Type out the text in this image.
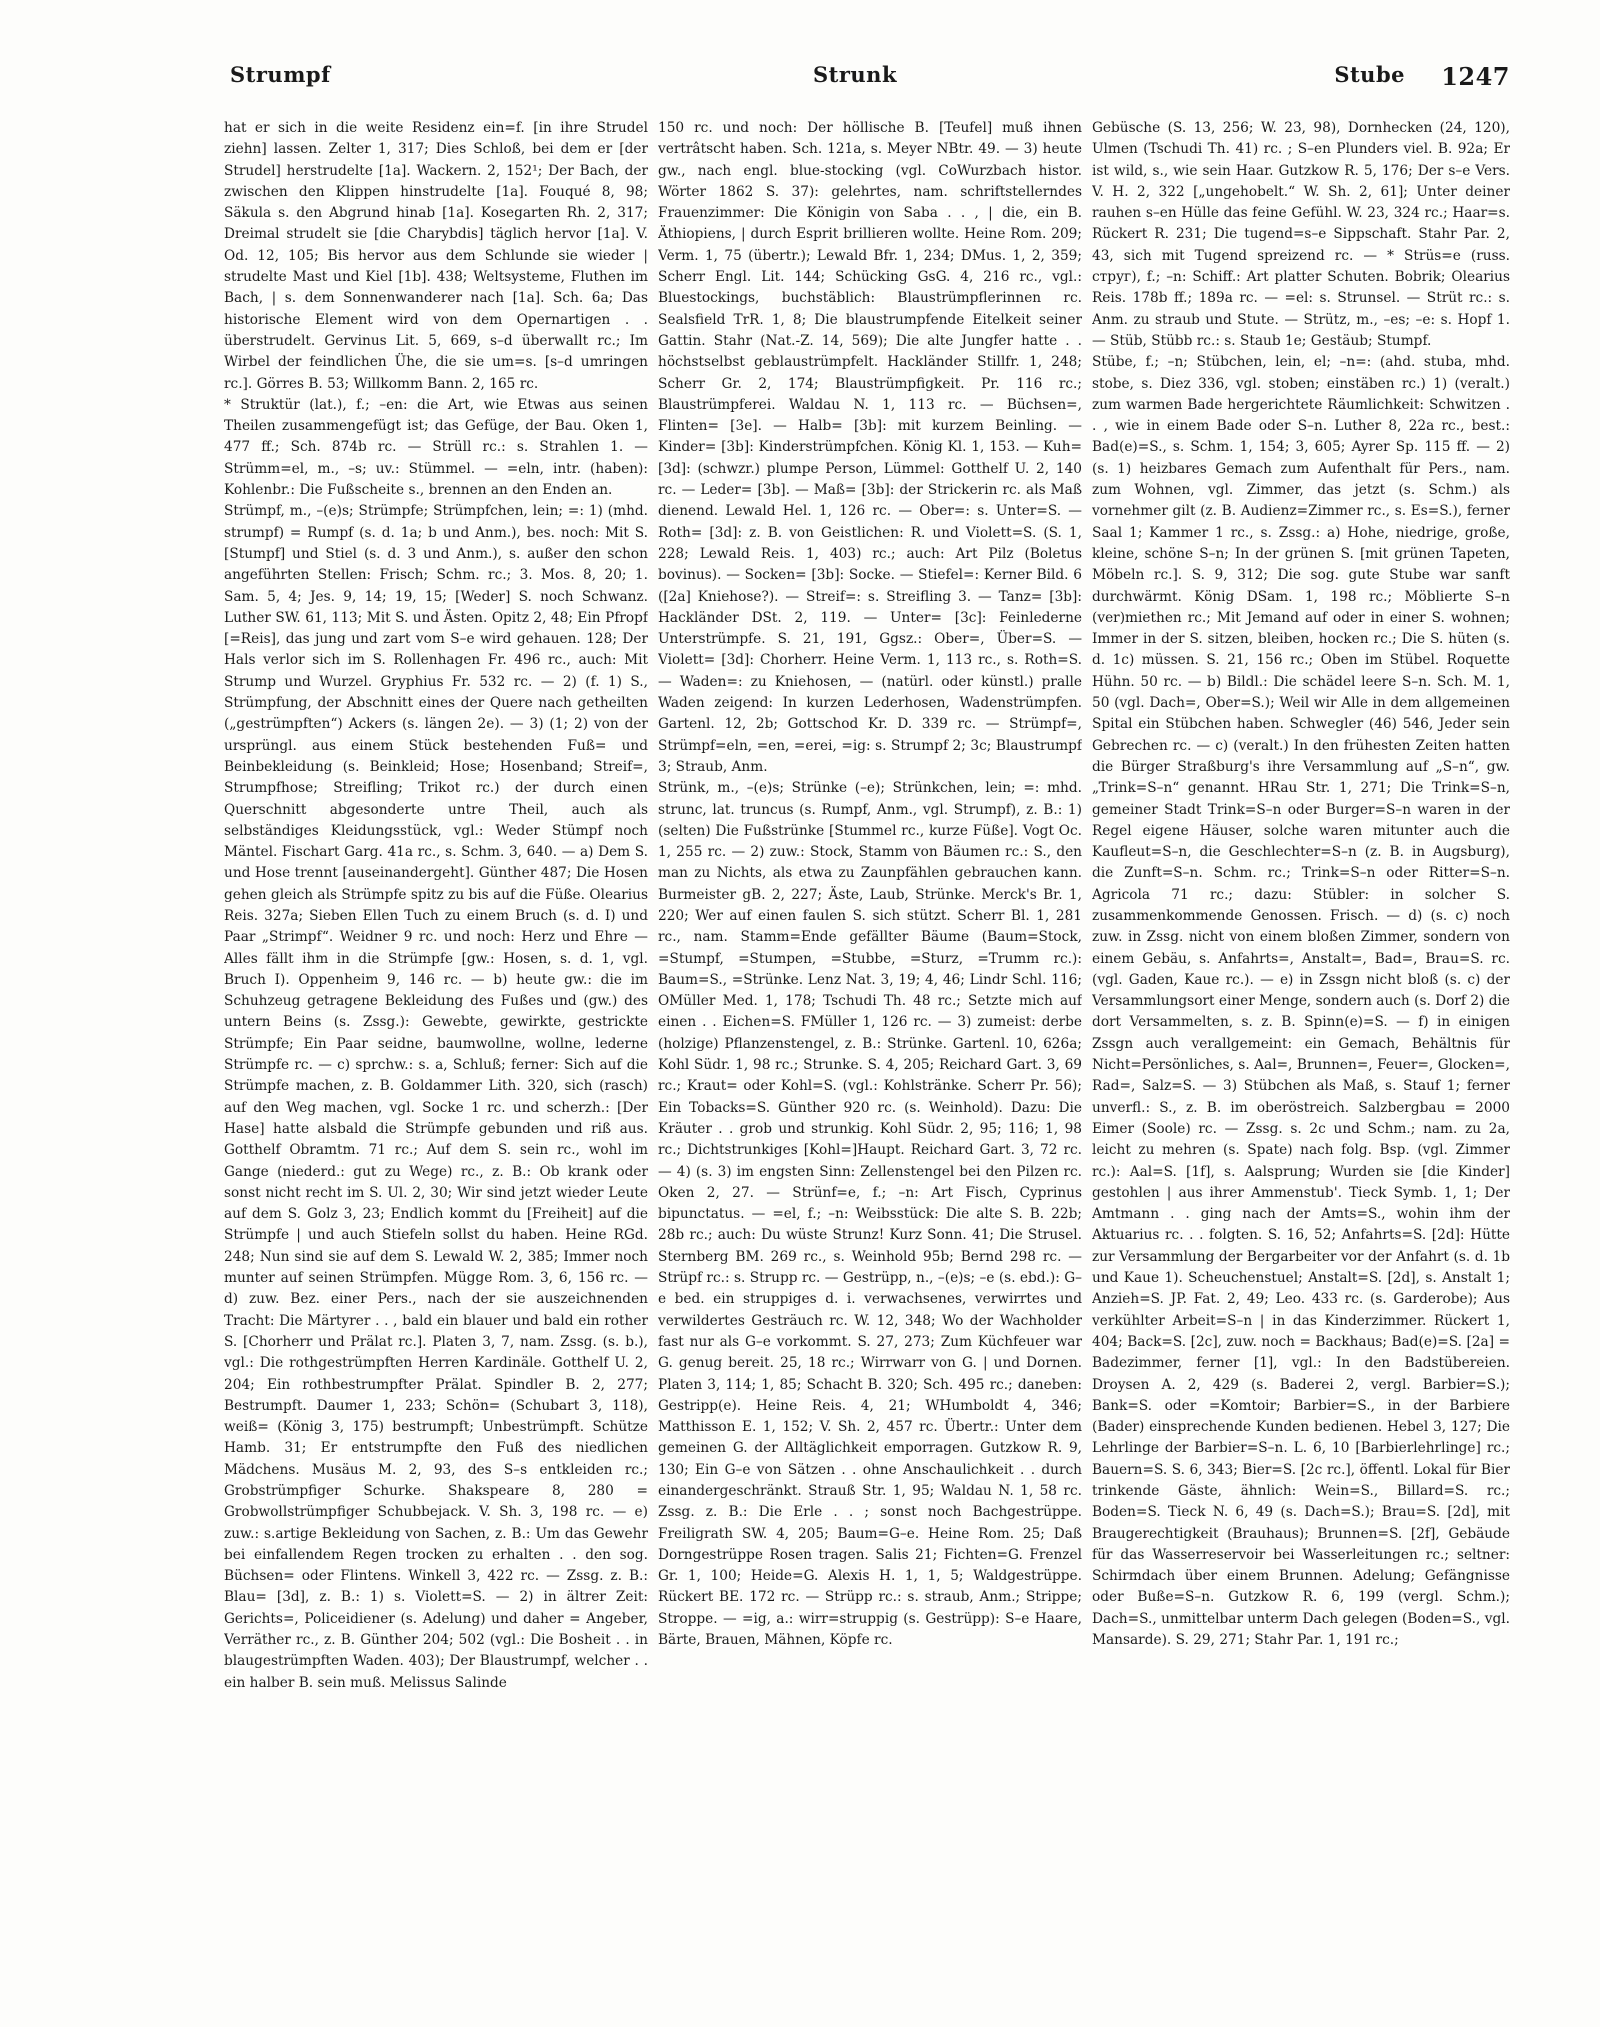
Strumpf	Strunk	Stube 1247

hat er sich in die weite Residenz ein=f. [in ihre Strudel ziehn] lassen. Zelter 1, 317; Dies Schloß, bei dem er [der Strudel] herstrudelte [1a]. Wackern. 2, 152¹; Der Bach, der zwischen den Klippen hinstrudelte [1a]. Fouqué 8, 98; Säkula s. den Abgrund hinab [1a]. Kosegarten Rh. 2, 317; Dreimal strudelt sie [die Charybdis] täglich hervor [1a]. V. Od. 12, 105; Bis hervor aus dem Schlunde sie wieder | strudelte Mast und Kiel [1b]. 438; Weltsysteme, Fluthen im Bach, | s. dem Sonnenwanderer nach [1a]. Sch. 6a; Das historische Element wird von dem Opernartigen . . überstrudelt. Gervinus Lit. 5, 669, s–d überwallt rc.; Im Wirbel der feindlichen Ühe, die sie um=s. [s–d umringen rc.]. Görres B. 53; Willkomm Bann. 2, 165 rc.

* Struktür (lat.), f.; –en: die Art, wie Etwas aus seinen Theilen zusammengefügt ist; das Gefüge, der Bau. Oken 1, 477 ff.; Sch. 874b rc. — Strüll rc.: s. Strahlen 1. — Strümm=el, m., –s; uv.: Stümmel. — =eln, intr. (haben): Kohlenbr.: Die Fußscheite s., brennen an den Enden an.

Strümpf, m., –(e)s; Strümpfe; Strümpfchen, lein; =: 1) (mhd. strumpf) = Rumpf (s. d. 1a; b und Anm.), bes. noch: Mit S. [Stumpf] und Stiel (s. d. 3 und Anm.), s. außer den schon angeführten Stellen: Frisch; Schm. rc.; 3. Mos. 8, 20; 1. Sam. 5, 4; Jes. 9, 14; 19, 15; [Weder] S. noch Schwanz. Luther SW. 61, 113; Mit S. und Ästen. Opitz 2, 48; Ein Pfropf [=Reis], das jung und zart vom S–e wird gehauen. 128; Der Hals verlor sich im S. Rollenhagen Fr. 496 rc., auch: Mit Strump und Wurzel. Gryphius Fr. 532 rc. — 2) (f. 1) S., Strümpfung, der Abschnitt eines der Quere nach getheilten („gestrümpften“) Ackers (s. längen 2e). — 3) (1; 2) von der ursprüngl. aus einem Stück bestehenden Fuß= und Beinbekleidung (s. Beinkleid; Hose; Hosenband; Streif=, Strumpfhose; Streifling; Trikot rc.) der durch einen Querschnitt abgesonderte untre Theil, auch als selbständiges Kleidungsstück, vgl.: Weder Stümpf noch Mäntel. Fischart Garg. 41a rc., s. Schm. 3, 640. — a) Dem S. und Hose trennt [auseinandergeht]. Günther 487; Die Hosen gehen gleich als Strümpfe spitz zu bis auf die Füße. Olearius Reis. 327a; Sieben Ellen Tuch zu einem Bruch (s. d. I) und Paar „Strimpf“. Weidner 9 rc. und noch: Herz und Ehre — Alles fällt ihm in die Strümpfe [gw.: Hosen, s. d. 1, vgl. Bruch I). Oppenheim 9, 146 rc. — b) heute gw.: die im Schuhzeug getragene Bekleidung des Fußes und (gw.) des untern Beins (s. Zssg.): Gewebte, gewirkte, gestrickte Strümpfe; Ein Paar seidne, baumwollne, wollne, lederne Strümpfe rc. — c) sprchw.: s. a, Schluß; ferner: Sich auf die Strümpfe machen, z. B. Goldammer Lith. 320, sich (rasch) auf den Weg machen, vgl. Socke 1 rc. und scherzh.: [Der Hase] hatte alsbald die Strümpfe gebunden und riß aus. Gotthelf Obramtm. 71 rc.; Auf dem S. sein rc., wohl im Gange (niederd.: gut zu Wege) rc., z. B.: Ob krank oder sonst nicht recht im S. Ul. 2, 30; Wir sind jetzt wieder Leute auf dem S. Golz 3, 23; Endlich kommt du [Freiheit] auf die Strümpfe | und auch Stiefeln sollst du haben. Heine RGd. 248; Nun sind sie auf dem S. Lewald W. 2, 385; Immer noch munter auf seinen Strümpfen. Mügge Rom. 3, 6, 156 rc. — d) zuw. Bez. einer Pers., nach der sie auszeichnenden Tracht: Die Märtyrer . . , bald ein blauer und bald ein rother S. [Chorherr und Prälat rc.]. Platen 3, 7, nam. Zssg. (s. b.), vgl.: Die rothgestrümpften Herren Kardinäle. Gotthelf U. 2, 204; Ein rothbestrumpfter Prälat. Spindler B. 2, 277; Bestrumpft. Daumer 1, 233; Schön= (Schubart 3, 118), weiß= (König 3, 175) bestrumpft; Unbestrümpft. Schütze Hamb. 31; Er entstrumpfte den Fuß des niedlichen Mädchens. Musäus M. 2, 93, des S–s entkleiden rc.; Grobstrümpfiger Schurke. Shakspeare 8, 280 = Grobwollstrümpfiger Schubbejack. V. Sh. 3, 198 rc. — e) zuw.: s.artige Bekleidung von Sachen, z. B.: Um das Gewehr bei einfallendem Regen trocken zu erhalten . . den sog. Büchsen= oder Flintens. Winkell 3, 422 rc. — Zssg. z. B.: Blau= [3d], z. B.: 1) s. Violett=S. — 2) in ältrer Zeit: Gerichts=, Policeidiener (s. Adelung) und daher = Angeber, Verräther rc., z. B. Günther 204; 502 (vgl.: Die Bosheit . . in blaugestrümpften Waden. 403); Der Blaustrumpf, welcher . . ein halber B. sein muß. Melissus Salinde

150 rc. und noch: Der höllische B. [Teufel] muß ihnen vertrâtscht haben. Sch. 121a, s. Meyer NBtr. 49. — 3) heute gw., nach engl. blue-stocking (vgl. CoWurzbach histor. Wörter 1862 S. 37): gelehrtes, nam. schriftstellerndes Frauenzimmer: Die Königin von Saba . . , | die, ein B. Äthiopiens, | durch Esprit brillieren wollte. Heine Rom. 209; Verm. 1, 75 (übertr.); Lewald Bfr. 1, 234; DMus. 1, 2, 359; Scherr Engl. Lit. 144; Schücking GsG. 4, 216 rc., vgl.: Bluestockings, buchstäblich: Blaustrümpflerinnen rc. Sealsfield TrR. 1, 8; Die blaustrumpfende Eitelkeit seiner Gattin. Stahr (Nat.-Z. 14, 569); Die alte Jungfer hatte . . höchstselbst geblaustrümpfelt. Hackländer Stillfr. 1, 248; Scherr Gr. 2, 174; Blaustrümpfigkeit. Pr. 116 rc.; Blaustrümpferei. Waldau N. 1, 113 rc. — Büchsen=, Flinten= [3e]. — Halb= [3b]: mit kurzem Beinling. — Kinder= [3b]: Kinderstrümpfchen. König Kl. 1, 153. — Kuh= [3d]: (schwzr.) plumpe Person, Lümmel: Gotthelf U. 2, 140 rc. — Leder= [3b]. — Maß= [3b]: der Strickerin rc. als Maß dienend. Lewald Hel. 1, 126 rc. — Ober=: s. Unter=S. — Roth= [3d]: z. B. von Geistlichen: R. und Violett=S. (S. 1, 228; Lewald Reis. 1, 403) rc.; auch: Art Pilz (Boletus bovinus). — Socken= [3b]: Socke. — Stiefel=: Kerner Bild. 6 ([2a] Kniehose?). — Streif=: s. Streifling 3. — Tanz= [3b]: Hackländer DSt. 2, 119. — Unter= [3c]: Feinlederne Unterstrümpfe. S. 21, 191, Ggsz.: Ober=, Über=S. — Violett= [3d]: Chorherr. Heine Verm. 1, 113 rc., s. Roth=S. — Waden=: zu Kniehosen, — (natürl. oder künstl.) pralle Waden zeigend: In kurzen Lederhosen, Wadenstrümpfen. Gartenl. 12, 2b; Gottschod Kr. D. 339 rc. — Strümpf=, Strümpf=eln, =en, =erei, =ig: s. Strumpf 2; 3c; Blaustrumpf 3; Straub, Anm.

Strünk, m., –(e)s; Strünke (–e); Strünkchen, lein; =: mhd. strunc, lat. truncus (s. Rumpf, Anm., vgl. Strumpf), z. B.: 1) (selten) Die Fußstrünke [Stummel rc., kurze Füße]. Vogt Oc. 1, 255 rc. — 2) zuw.: Stock, Stamm von Bäumen rc.: S., den man zu Nichts, als etwa zu Zaunpfählen gebrauchen kann. Burmeister gB. 2, 227; Äste, Laub, Strünke. Merck's Br. 1, 220; Wer auf einen faulen S. sich stützt. Scherr Bl. 1, 281 rc., nam. Stamm=Ende gefällter Bäume (Baum=Stock, =Stumpf, =Stumpen, =Stubbe, =Sturz, =Trumm rc.): Baum=S., =Strünke. Lenz Nat. 3, 19; 4, 46; Lindr Schl. 116; OMüller Med. 1, 178; Tschudi Th. 48 rc.; Setzte mich auf einen . . Eichen=S. FMüller 1, 126 rc. — 3) zumeist: derbe (holzige) Pflanzenstengel, z. B.: Strünke. Gartenl. 10, 626a; Kohl Südr. 1, 98 rc.; Strunke. S. 4, 205; Reichard Gart. 3, 69 rc.; Kraut= oder Kohl=S. (vgl.: Kohlstränke. Scherr Pr. 56); Ein Tobacks=S. Günther 920 rc. (s. Weinhold). Dazu: Die Kräuter . . grob und strunkig. Kohl Südr. 2, 95; 116; 1, 98 rc.; Dichtstrunkiges [Kohl=]Haupt. Reichard Gart. 3, 72 rc. — 4) (s. 3) im engsten Sinn: Zellenstengel bei den Pilzen rc. Oken 2, 27. — Strünf=e, f.; –n: Art Fisch, Cyprinus bipunctatus. — =el, f.; –n: Weibsstück: Die alte S. B. 22b; 28b rc.; auch: Du wüste Strunz! Kurz Sonn. 41; Die Strusel. Sternberg BM. 269 rc., s. Weinhold 95b; Bernd 298 rc. — Strüpf rc.: s. Strupp rc. — Gestrüpp, n., –(e)s; –e (s. ebd.): G–e bed. ein struppiges d. i. verwachsenes, verwirrtes und verwildertes Gesträuch rc. W. 12, 348; Wo der Wachholder fast nur als G–e vorkommt. S. 27, 273; Zum Küchfeuer war G. genug bereit. 25, 18 rc.; Wirrwarr von G. | und Dornen. Platen 3, 114; 1, 85; Schacht B. 320; Sch. 495 rc.; daneben: Gestripp(e). Heine Reis. 4, 21; WHumboldt 4, 346; Matthisson E. 1, 152; V. Sh. 2, 457 rc. Übertr.: Unter dem gemeinen G. der Alltäglichkeit emporragen. Gutzkow R. 9, 130; Ein G–e von Sätzen . . ohne Anschaulichkeit . . durch einandergeschränkt. Strauß Str. 1, 95; Waldau N. 1, 58 rc. Zssg. z. B.: Die Erle . . ; sonst noch Bachgestrüppe. Freiligrath SW. 4, 205; Baum=G–e. Heine Rom. 25; Daß Dorngestrüppe Rosen tragen. Salis 21; Fichten=G. Frenzel Gr. 1, 100; Heide=G. Alexis H. 1, 1, 5; Waldgestrüppe. Rückert BE. 172 rc. — Strüpp rc.: s. straub, Anm.; Strippe; Stroppe. — =ig, a.: wirr=struppig (s. Gestrüpp): S–e Haare, Bärte, Brauen, Mähnen, Köpfe rc.

Gebüsche (S. 13, 256; W. 23, 98), Dornhecken (24, 120), Ulmen (Tschudi Th. 41) rc. ; S–en Plunders viel. B. 92a; Er ist wild, s., wie sein Haar. Gutzkow R. 5, 176; Der s–e Vers. V. H. 2, 322 [„ungehobelt.“ W. Sh. 2, 61]; Unter deiner rauhen s–en Hülle das feine Gefühl. W. 23, 324 rc.; Haar=s. Rückert R. 231; Die tugend=s–e Sippschaft. Stahr Par. 2, 43, sich mit Tugend spreizend rc. — * Strüs=e (russ. струг), f.; –n: Schiff.: Art platter Schuten. Bobrik; Olearius Reis. 178b ff.; 189a rc. — =el: s. Strunsel. — Strüt rc.: s. Anm. zu straub und Stute. — Strütz, m., –es; –e: s. Hopf 1. — Stüb, Stübb rc.: s. Staub 1e; Gestäub; Stumpf.

Stübe, f.; –n; Stübchen, lein, el; –n=: (ahd. stuba, mhd. stobe, s. Diez 336, vgl. stoben; einstäben rc.) 1) (veralt.) zum warmen Bade hergerichtete Räumlichkeit: Schwitzen . . , wie in einem Bade oder S–n. Luther 8, 22a rc., best.: Bad(e)=S., s. Schm. 1, 154; 3, 605; Ayrer Sp. 115 ff. — 2) (s. 1) heizbares Gemach zum Aufenthalt für Pers., nam. zum Wohnen, vgl. Zimmer, das jetzt (s. Schm.) als vornehmer gilt (z. B. Audienz=Zimmer rc., s. Es=S.), ferner Saal 1; Kammer 1 rc., s. Zssg.: a) Hohe, niedrige, große, kleine, schöne S–n; In der grünen S. [mit grünen Tapeten, Möbeln rc.]. S. 9, 312; Die sog. gute Stube war sanft durchwärmt. König DSam. 1, 198 rc.; Möblierte S–n (ver)miethen rc.; Mit Jemand auf oder in einer S. wohnen; Immer in der S. sitzen, bleiben, hocken rc.; Die S. hüten (s. d. 1c) müssen. S. 21, 156 rc.; Oben im Stübel. Roquette Hühn. 50 rc. — b) Bildl.: Die schädel leere S–n. Sch. M. 1, 50 (vgl. Dach=, Ober=S.); Weil wir Alle in dem allgemeinen Spital ein Stübchen haben. Schwegler (46) 546, Jeder sein Gebrechen rc. — c) (veralt.) In den frühesten Zeiten hatten die Bürger Straßburg's ihre Versammlung auf „S–n“, gw. „Trink=S–n“ genannt. HRau Str. 1, 271; Die Trink=S–n, gemeiner Stadt Trink=S–n oder Burger=S–n waren in der Regel eigene Häuser, solche waren mitunter auch die Kaufleut=S–n, die Geschlechter=S–n (z. B. in Augsburg), die Zunft=S–n. Schm. rc.; Trink=S–n oder Ritter=S–n. Agricola 71 rc.; dazu: Stübler: in solcher S. zusammenkommende Genossen. Frisch. — d) (s. c) noch zuw. in Zssg. nicht von einem bloßen Zimmer, sondern von einem Gebäu, s. Anfahrts=, Anstalt=, Bad=, Brau=S. rc. (vgl. Gaden, Kaue rc.). — e) in Zssgn nicht bloß (s. c) der Versammlungsort einer Menge, sondern auch (s. Dorf 2) die dort Versammelten, s. z. B. Spinn(e)=S. — f) in einigen Zssgn auch verallgemeint: ein Gemach, Behältnis für Nicht=Persönliches, s. Aal=, Brunnen=, Feuer=, Glocken=, Rad=, Salz=S. — 3) Stübchen als Maß, s. Stauf 1; ferner unverfl.: S., z. B. im oberöstreich. Salzbergbau = 2000 Eimer (Soole) rc. — Zssg. s. 2c und Schm.; nam. zu 2a, leicht zu mehren (s. Spate) nach folg. Bsp. (vgl. Zimmer rc.): Aal=S. [1f], s. Aalsprung; Wurden sie [die Kinder] gestohlen | aus ihrer Ammenstub'. Tieck Symb. 1, 1; Der Amtmann . . ging nach der Amts=S., wohin ihm der Aktuarius rc. . . folgten. S. 16, 52; Anfahrts=S. [2d]: Hütte zur Versammlung der Bergarbeiter vor der Anfahrt (s. d. 1b und Kaue 1). Scheuchenstuel; Anstalt=S. [2d], s. Anstalt 1; Anzieh=S. JP. Fat. 2, 49; Leo. 433 rc. (s. Garderobe); Aus verkühlter Arbeit=S–n | in das Kinderzimmer. Rückert 1, 404; Back=S. [2c], zuw. noch = Backhaus; Bad(e)=S. [2a] = Badezimmer, ferner [1], vgl.: In den Badstübereien. Droysen A. 2, 429 (s. Baderei 2, vergl. Barbier=S.); Bank=S. oder =Komtoir; Barbier=S., in der Barbiere (Bader) einsprechende Kunden bedienen. Hebel 3, 127; Die Lehrlinge der Barbier=S–n. L. 6, 10 [Barbierlehrlinge] rc.; Bauern=S. S. 6, 343; Bier=S. [2c rc.], öffentl. Lokal für Bier trinkende Gäste, ähnlich: Wein=S., Billard=S. rc.; Boden=S. Tieck N. 6, 49 (s. Dach=S.); Brau=S. [2d], mit Braugerechtigkeit (Brauhaus); Brunnen=S. [2f], Gebäude für das Wasserreservoir bei Wasserleitungen rc.; seltner: Schirmdach über einem Brunnen. Adelung; Gefängnisse oder Buße=S–n. Gutzkow R. 6, 199 (vergl. Schm.); Dach=S., unmittelbar unterm Dach gelegen (Boden=S., vgl. Mansarde). S. 29, 271; Stahr Par. 1, 191 rc.;
